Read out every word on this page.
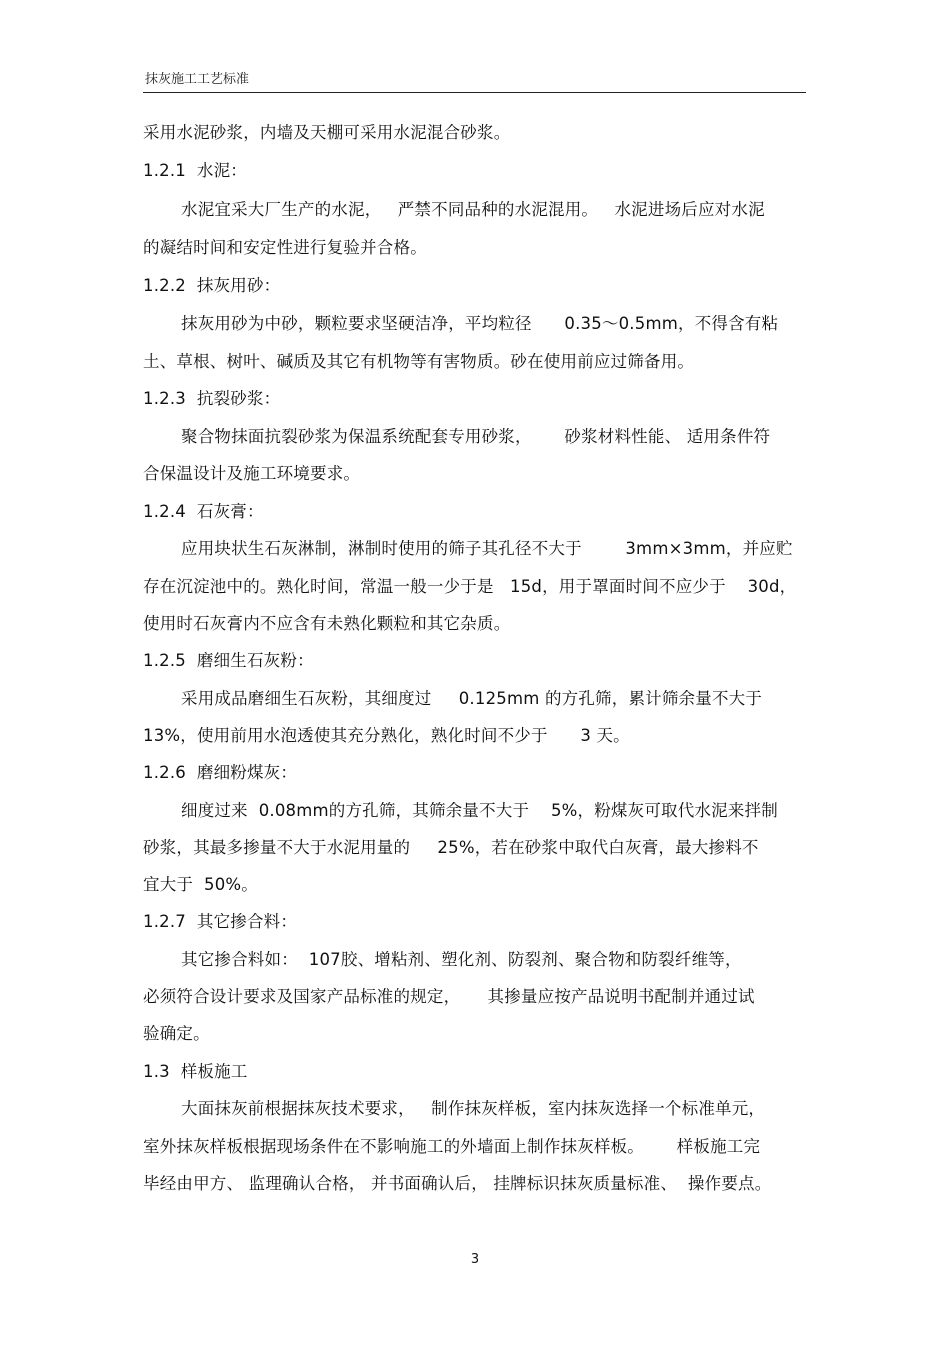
抹灰施工工艺标准
采用水泥砂浆，内墙及天棚可采用水泥混合砂浆。
1.2.1  水泥：
水泥宜采大厂生产的水泥，   严禁不同品种的水泥混用。   水泥进场后应对水泥
的凝结时间和安定性进行复验并合格。
1.2.2  抹灰用砂：
抹灰用砂为中砂，颗粒要求坚硬洁净，平均粒径      0.35～0.5mm，不得含有粘
土、草根、树叶、碱质及其它有机物等有害物质。砂在使用前应过筛备用。
1.2.3  抗裂砂浆：
聚合物抹面抗裂砂浆为保温系统配套专用砂浆，      砂浆材料性能、 适用条件符
合保温设计及施工环境要求。
1.2.4  石灰膏：
应用块状生石灰淋制，淋制时使用的筛子其孔径不大于        3mm×3mm，并应贮
存在沉淀池中的。熟化时间，常温一般一少于是   15d，用于罩面时间不应少于    30d，
使用时石灰膏内不应含有未熟化颗粒和其它杂质。
1.2.5  磨细生石灰粉：
采用成品磨细生石灰粉，其细度过     0.125mm 的方孔筛，累计筛余量不大于
13%，使用前用水泡透使其充分熟化，熟化时间不少于      3 天。
1.2.6  磨细粉煤灰：
细度过来  0.08mm的方孔筛，其筛余量不大于    5%，粉煤灰可取代水泥来拌制
砂浆，其最多掺量不大于水泥用量的     25%，若在砂浆中取代白灰膏，最大掺料不
宜大于  50%。
1.2.7  其它掺合料：
其它掺合料如：  107胶、增粘剂、塑化剂、防裂剂、聚合物和防裂纤维等，
必须符合设计要求及国家产品标准的规定，     其掺量应按产品说明书配制并通过试
验确定。
1.3  样板施工
大面抹灰前根据抹灰技术要求，   制作抹灰样板，室内抹灰选择一个标准单元，
室外抹灰样板根据现场条件在不影响施工的外墙面上制作抹灰样板。      样板施工完
毕经由甲方、 监理确认合格， 并书面确认后， 挂牌标识抹灰质量标准、  操作要点。
3
